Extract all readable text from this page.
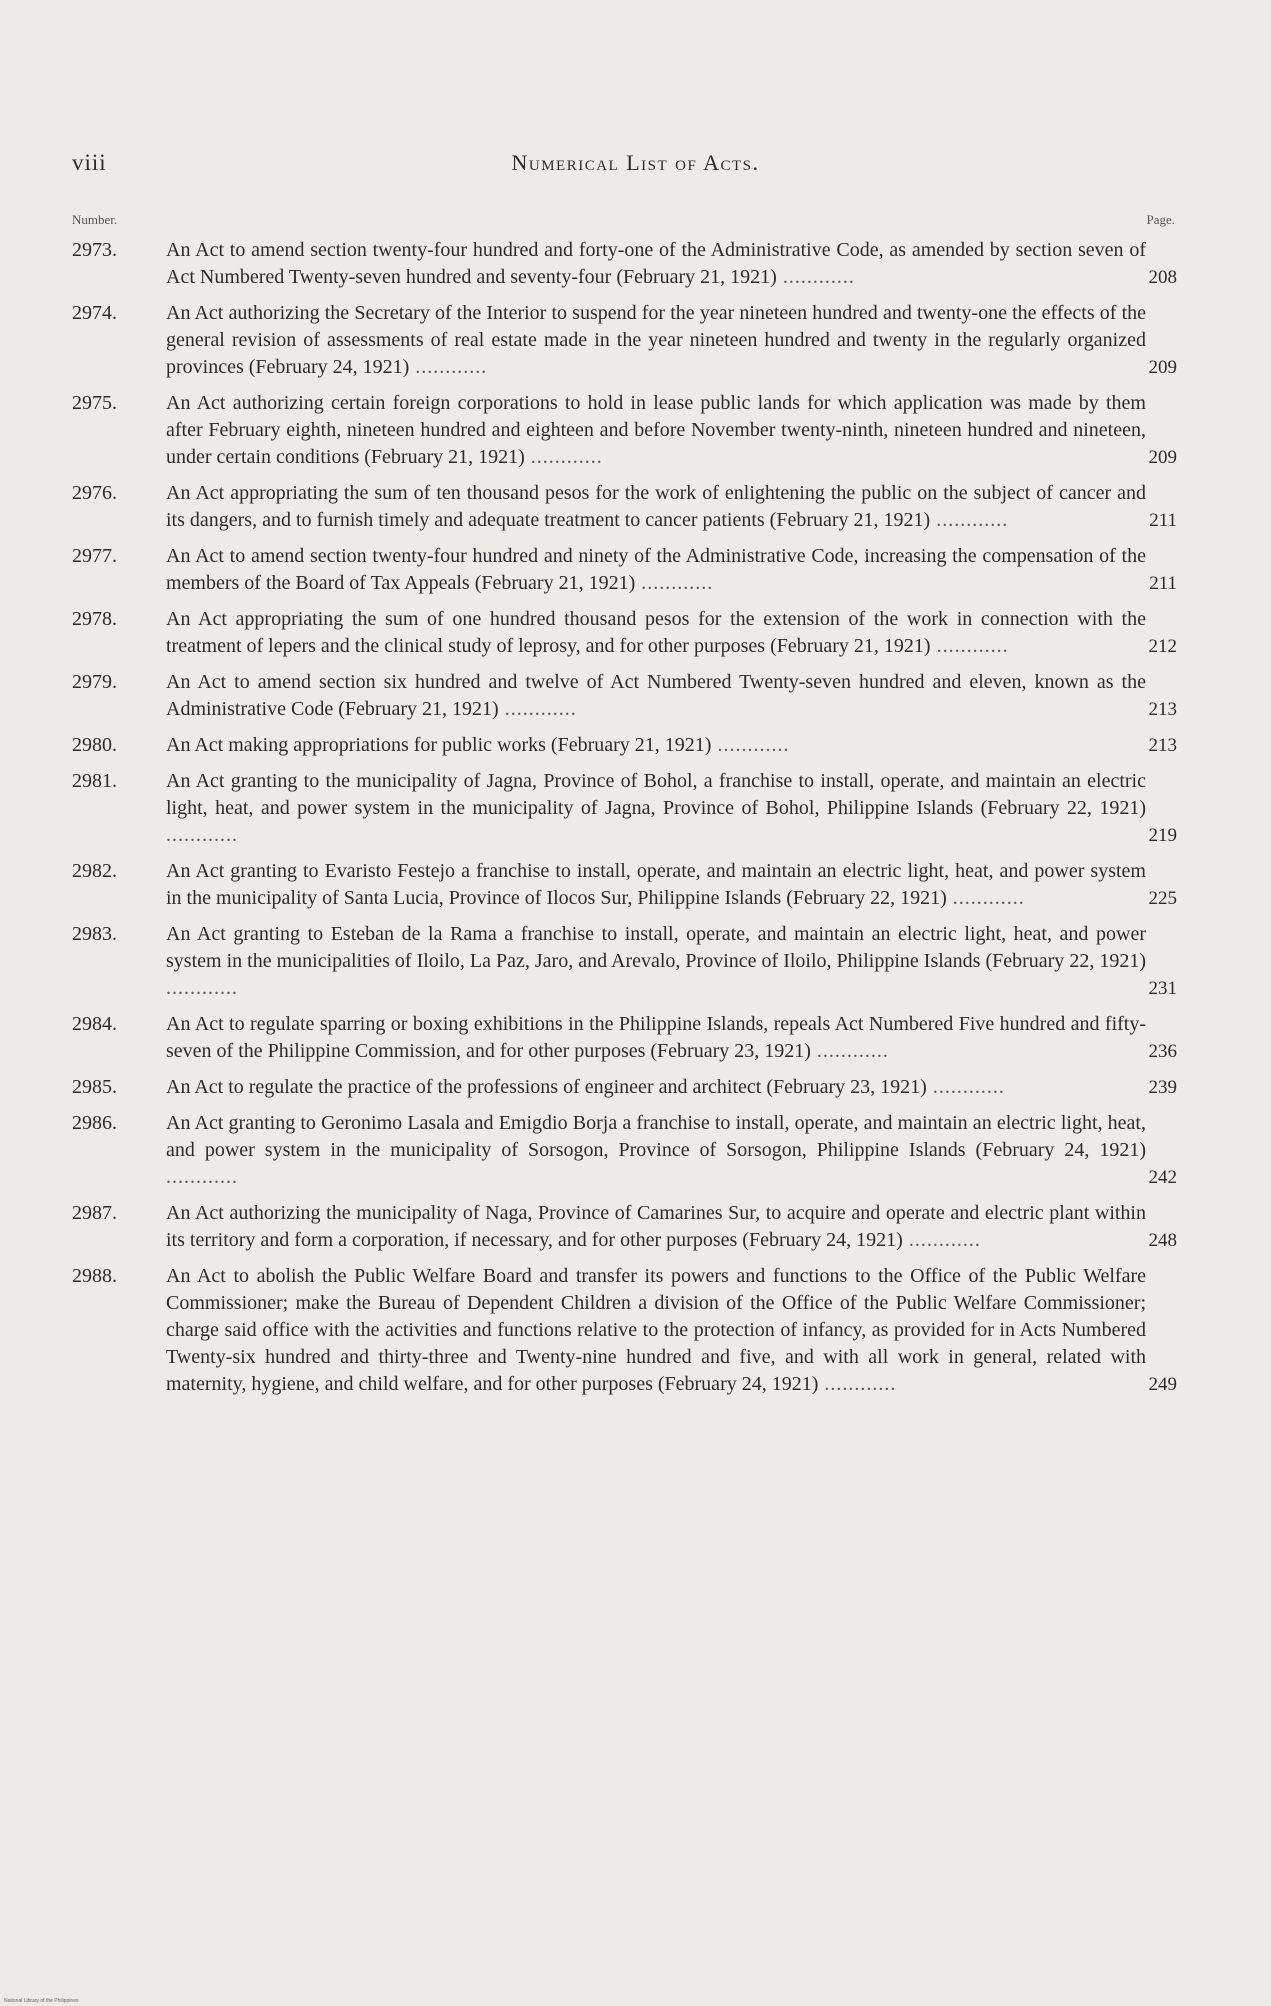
viii	Numerical List of Acts.
Number.	Page.
2973.	An Act to amend section twenty-four hundred and forty-one of the Administrative Code, as amended by section seven of Act Numbered Twenty-seven hundred and seventy-four (February 21, 1921) ............	208
2974.	An Act authorizing the Secretary of the Interior to suspend for the year nineteen hundred and twenty-one the effects of the general revision of assessments of real estate made in the year nineteen hundred and twenty in the regularly organized provinces (February 24, 1921) ............	209
2975.	An Act authorizing certain foreign corporations to hold in lease public lands for which application was made by them after February eighth, nineteen hundred and eighteen and before November twenty-ninth, nineteen hundred and nineteen, under certain conditions (February 21, 1921) ............	209
2976.	An Act appropriating the sum of ten thousand pesos for the work of enlightening the public on the subject of cancer and its dangers, and to furnish timely and adequate treatment to cancer patients (February 21, 1921) ............	211
2977.	An Act to amend section twenty-four hundred and ninety of the Administrative Code, increasing the compensation of the members of the Board of Tax Appeals (February 21, 1921) ............	211
2978.	An Act appropriating the sum of one hundred thousand pesos for the extension of the work in connection with the treatment of lepers and the clinical study of leprosy, and for other purposes (February 21, 1921) ............	212
2979.	An Act to amend section six hundred and twelve of Act Numbered Twenty-seven hundred and eleven, known as the Administrative Code (February 21, 1921) ............	213
2980.	An Act making appropriations for public works (February 21, 1921) ............	213
2981.	An Act granting to the municipality of Jagna, Province of Bohol, a franchise to install, operate, and maintain an electric light, heat, and power system in the municipality of Jagna, Province of Bohol, Philippine Islands (February 22, 1921) ............	219
2982.	An Act granting to Evaristo Festejo a franchise to install, operate, and maintain an electric light, heat, and power system in the municipality of Santa Lucia, Province of Ilocos Sur, Philippine Islands (February 22, 1921) ............	225
2983.	An Act granting to Esteban de la Rama a franchise to install, operate, and maintain an electric light, heat, and power system in the municipalities of Iloilo, La Paz, Jaro, and Arevalo, Province of Iloilo, Philippine Islands (February 22, 1921) ............	231
2984.	An Act to regulate sparring or boxing exhibitions in the Philippine Islands, repeals Act Numbered Five hundred and fifty-seven of the Philippine Commission, and for other purposes (February 23, 1921) ............	236
2985.	An Act to regulate the practice of the professions of engineer and architect (February 23, 1921) ............	239
2986.	An Act granting to Geronimo Lasala and Emigdio Borja a franchise to install, operate, and maintain an electric light, heat, and power system in the municipality of Sorsogon, Province of Sorsogon, Philippine Islands (February 24, 1921) ............	242
2987.	An Act authorizing the municipality of Naga, Province of Camarines Sur, to acquire and operate and electric plant within its territory and form a corporation, if necessary, and for other purposes (February 24, 1921) ............	248
2988.	An Act to abolish the Public Welfare Board and transfer its powers and functions to the Office of the Public Welfare Commissioner; make the Bureau of Dependent Children a division of the Office of the Public Welfare Commissioner; charge said office with the activities and functions relative to the protection of infancy, as provided for in Acts Numbered Twenty-six hundred and thirty-three and Twenty-nine hundred and five, and with all work in general, related with maternity, hygiene, and child welfare, and for other purposes (February 24, 1921) ............	249
National Library of the Philippines
